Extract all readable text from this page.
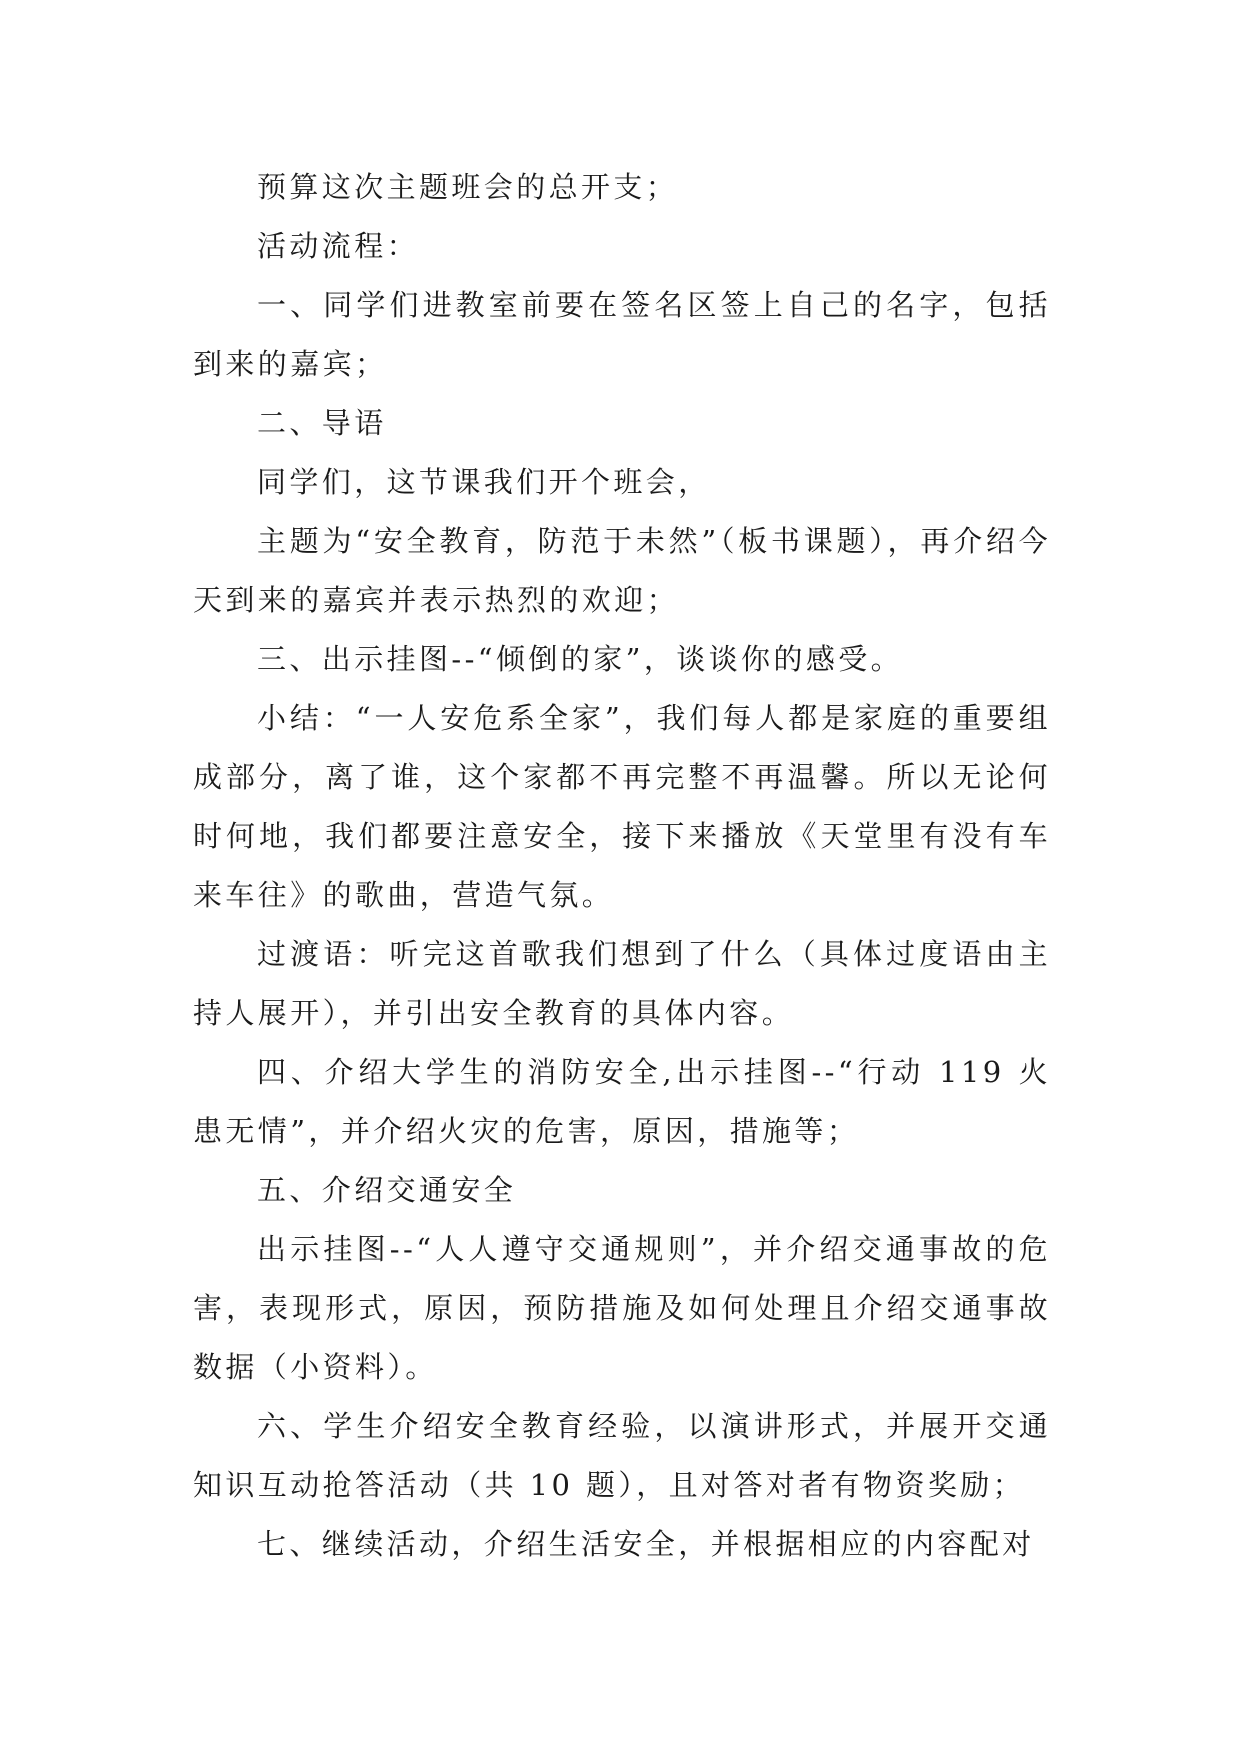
预算这次主题班会的总开支；

活动流程：

一、同学们进教室前要在签名区签上自己的名字，包括到来的嘉宾；

二、导语

同学们，这节课我们开个班会，

主题为“安全教育，防范于未然”（板书课题），再介绍今天到来的嘉宾并表示热烈的欢迎；

三、出示挂图--“倾倒的家”，谈谈你的感受。

小结：“一人安危系全家”，我们每人都是家庭的重要组成部分，离了谁，这个家都不再完整不再温馨。所以无论何时何地，我们都要注意安全，接下来播放《天堂里有没有车来车往》的歌曲，营造气氛。

过渡语：听完这首歌我们想到了什么（具体过度语由主持人展开），并引出安全教育的具体内容。

四、介绍大学生的消防安全,出示挂图--“行动 119 火患无情”，并介绍火灾的危害，原因，措施等；

五、介绍交通安全

出示挂图--“人人遵守交通规则”，并介绍交通事故的危害，表现形式，原因，预防措施及如何处理且介绍交通事故数据（小资料）。

六、学生介绍安全教育经验，以演讲形式，并展开交通知识互动抢答活动（共 10 题），且对答对者有物资奖励；

七、继续活动，介绍生活安全，并根据相应的内容配对
